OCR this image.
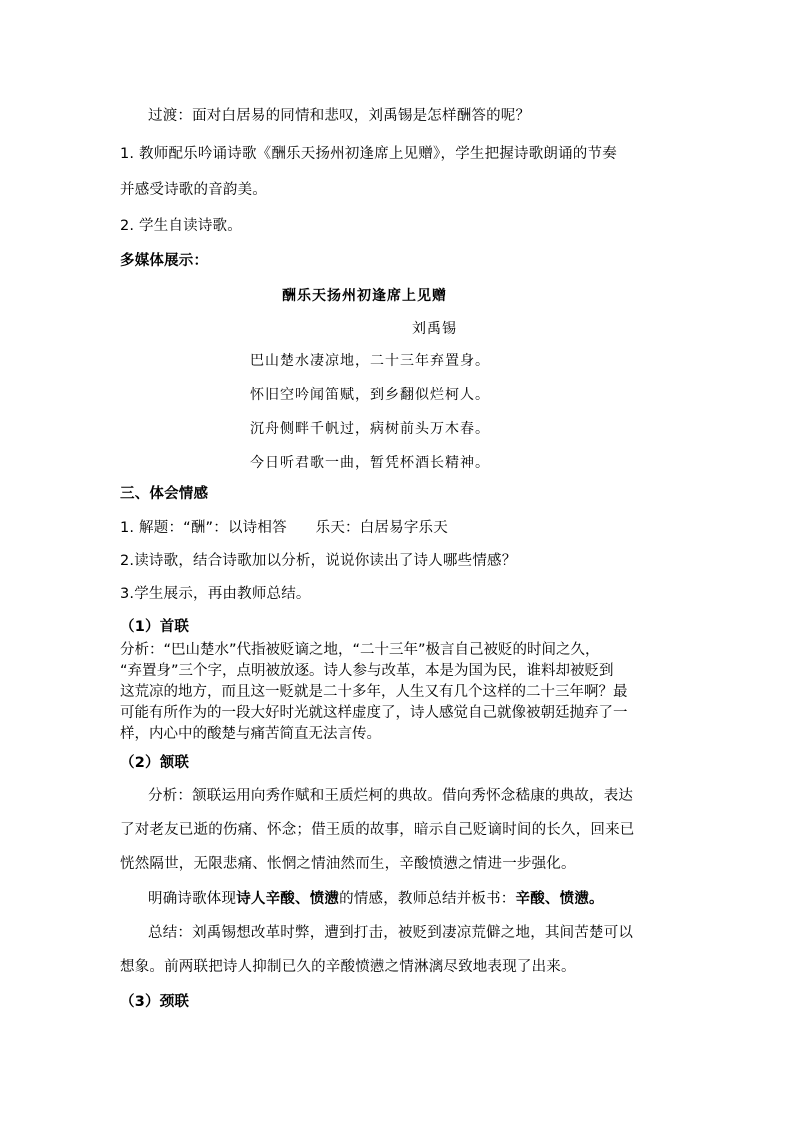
过渡：面对白居易的同情和悲叹，刘禹锡是怎样酬答的呢？
1. 教师配乐吟诵诗歌《酬乐天扬州初逢席上见赠》，学生把握诗歌朗诵的节奏
并感受诗歌的音韵美。
2. 学生自读诗歌。
多媒体展示：
酬乐天扬州初逢席上见赠
刘禹锡
巴山楚水凄凉地，二十三年弃置身。
怀旧空吟闻笛赋，到乡翻似烂柯人。
沉舟侧畔千帆过，病树前头万木春。
今日听君歌一曲，暂凭杯酒长精神。
三、体会情感
1. 解题：“酬”：以诗相答      乐天：白居易字乐天
2.读诗歌，结合诗歌加以分析，说说你读出了诗人哪些情感？
3.学生展示，再由教师总结。
（1）首联
分析：“巴山楚水”代指被贬谪之地，“二十三年”极言自己被贬的时间之久，
“弃置身”三个字，点明被放逐。诗人参与改革，本是为国为民，谁料却被贬到
这荒凉的地方，而且这一贬就是二十多年，人生又有几个这样的二十三年啊？最
可能有所作为的一段大好时光就这样虚度了，诗人感觉自己就像被朝廷抛弃了一
样，内心中的酸楚与痛苦简直无法言传。
（2）颔联
分析：颔联运用向秀作赋和王质烂柯的典故。借向秀怀念嵇康的典故，表达
了对老友已逝的伤痛、怀念；借王质的故事，暗示自己贬谪时间的长久，回来已
恍然隔世，无限悲痛、怅惘之情油然而生，辛酸愤懑之情进一步强化。
明确诗歌体现诗人辛酸、愤懑的情感，教师总结并板书：辛酸、愤懑。
总结：刘禹锡想改革时弊，遭到打击，被贬到凄凉荒僻之地，其间苦楚可以
想象。前两联把诗人抑制已久的辛酸愤懑之情淋漓尽致地表现了出来。
（3）颈联
